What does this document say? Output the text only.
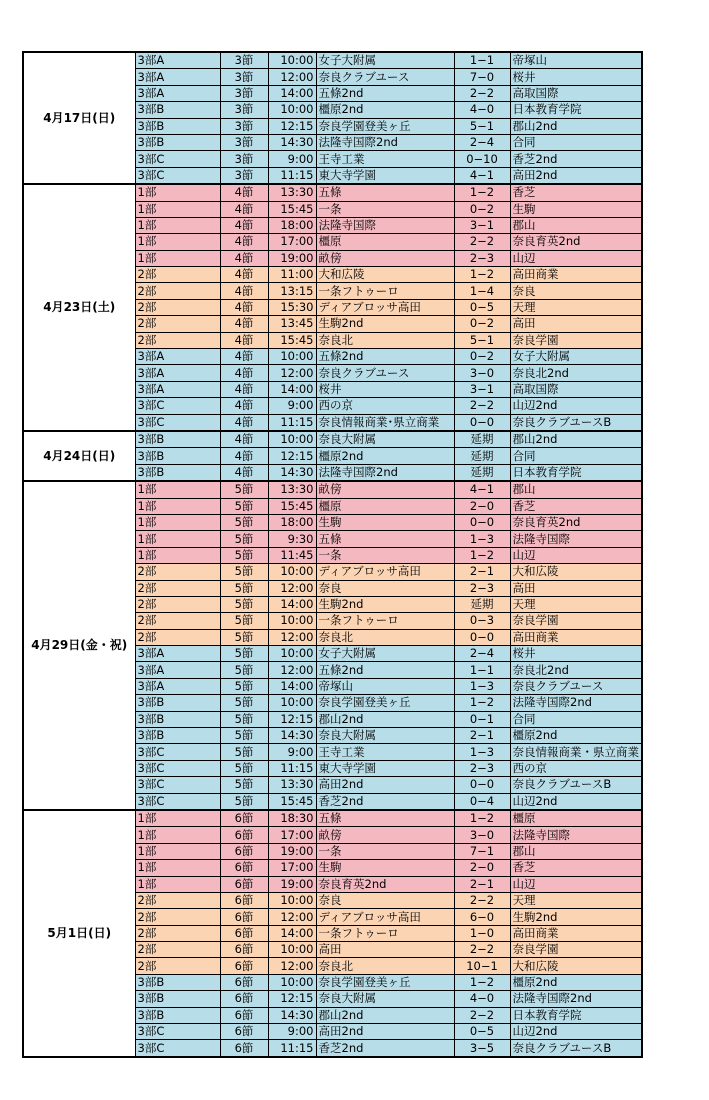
4月17日(日)	3部A	3節	10:00	女子大附属	1−1	帝塚山
	3部A	3節	12:00	奈良クラブユース	7−0	桜井
	3部A	3節	14:00	五條2nd	2−2	高取国際
	3部B	3節	10:00	橿原2nd	4−0	日本教育学院
	3部B	3節	12:15	奈良学園登美ヶ丘	5−1	郡山2nd
	3部B	3節	14:30	法隆寺国際2nd	2−4	合同
	3部C	3節	9:00	王寺工業	0−10	香芝2nd
	3部C	3節	11:15	東大寺学園	4−1	高田2nd
4月23日(土)	1部	4節	13:30	五條	1−2	香芝
	1部	4節	15:45	一条	0−2	生駒
	1部	4節	18:00	法隆寺国際	3−1	郡山
	1部	4節	17:00	橿原	2−2	奈良育英2nd
	1部	4節	19:00	畝傍	2−3	山辺
	2部	4節	11:00	大和広陵	1−2	高田商業
	2部	4節	13:15	一条フトゥーロ	1−4	奈良
	2部	4節	15:30	ディアブロッサ高田	0−5	天理
	2部	4節	13:45	生駒2nd	0−2	高田
	2部	4節	15:45	奈良北	5−1	奈良学園
	3部A	4節	10:00	五條2nd	0−2	女子大附属
	3部A	4節	12:00	奈良クラブユース	3−0	奈良北2nd
	3部A	4節	14:00	桜井	3−1	高取国際
	3部C	4節	9:00	西の京	2−2	山辺2nd
	3部C	4節	11:15	奈良情報商業･県立商業	0−0	奈良クラブユースB
4月24日(日)	3部B	4節	10:00	奈良大附属	延期	郡山2nd
	3部B	4節	12:15	橿原2nd	延期	合同
	3部B	4節	14:30	法隆寺国際2nd	延期	日本教育学院
4月29日(金・祝)	1部	5節	13:30	畝傍	4−1	郡山
	1部	5節	15:45	橿原	2−0	香芝
	1部	5節	18:00	生駒	0−0	奈良育英2nd
	1部	5節	9:30	五條	1−3	法隆寺国際
	1部	5節	11:45	一条	1−2	山辺
	2部	5節	10:00	ディアブロッサ高田	2−1	大和広陵
	2部	5節	12:00	奈良	2−3	高田
	2部	5節	14:00	生駒2nd	延期	天理
	2部	5節	10:00	一条フトゥーロ	0−3	奈良学園
	2部	5節	12:00	奈良北	0−0	高田商業
	3部A	5節	10:00	女子大附属	2−4	桜井
	3部A	5節	12:00	五條2nd	1−1	奈良北2nd
	3部A	5節	14:00	帝塚山	1−3	奈良クラブユース
	3部B	5節	10:00	奈良学園登美ヶ丘	1−2	法隆寺国際2nd
	3部B	5節	12:15	郡山2nd	0−1	合同
	3部B	5節	14:30	奈良大附属	2−1	橿原2nd
	3部C	5節	9:00	王寺工業	1−3	奈良情報商業・県立商業
	3部C	5節	11:15	東大寺学園	2−3	西の京
	3部C	5節	13:30	高田2nd	0−0	奈良クラブユースB
	3部C	5節	15:45	香芝2nd	0−4	山辺2nd
5月1日(日)	1部	6節	18:30	五條	1−2	橿原
	1部	6節	17:00	畝傍	3−0	法隆寺国際
	1部	6節	19:00	一条	7−1	郡山
	1部	6節	17:00	生駒	2−0	香芝
	1部	6節	19:00	奈良育英2nd	2−1	山辺
	2部	6節	10:00	奈良	2−2	天理
	2部	6節	12:00	ディアブロッサ高田	6−0	生駒2nd
	2部	6節	14:00	一条フトゥーロ	1−0	高田商業
	2部	6節	10:00	高田	2−2	奈良学園
	2部	6節	12:00	奈良北	10−1	大和広陵
	3部B	6節	10:00	奈良学園登美ヶ丘	1−2	橿原2nd
	3部B	6節	12:15	奈良大附属	4−0	法隆寺国際2nd
	3部B	6節	14:30	郡山2nd	2−2	日本教育学院
	3部C	6節	9:00	高田2nd	0−5	山辺2nd
	3部C	6節	11:15	香芝2nd	3−5	奈良クラブユースB
